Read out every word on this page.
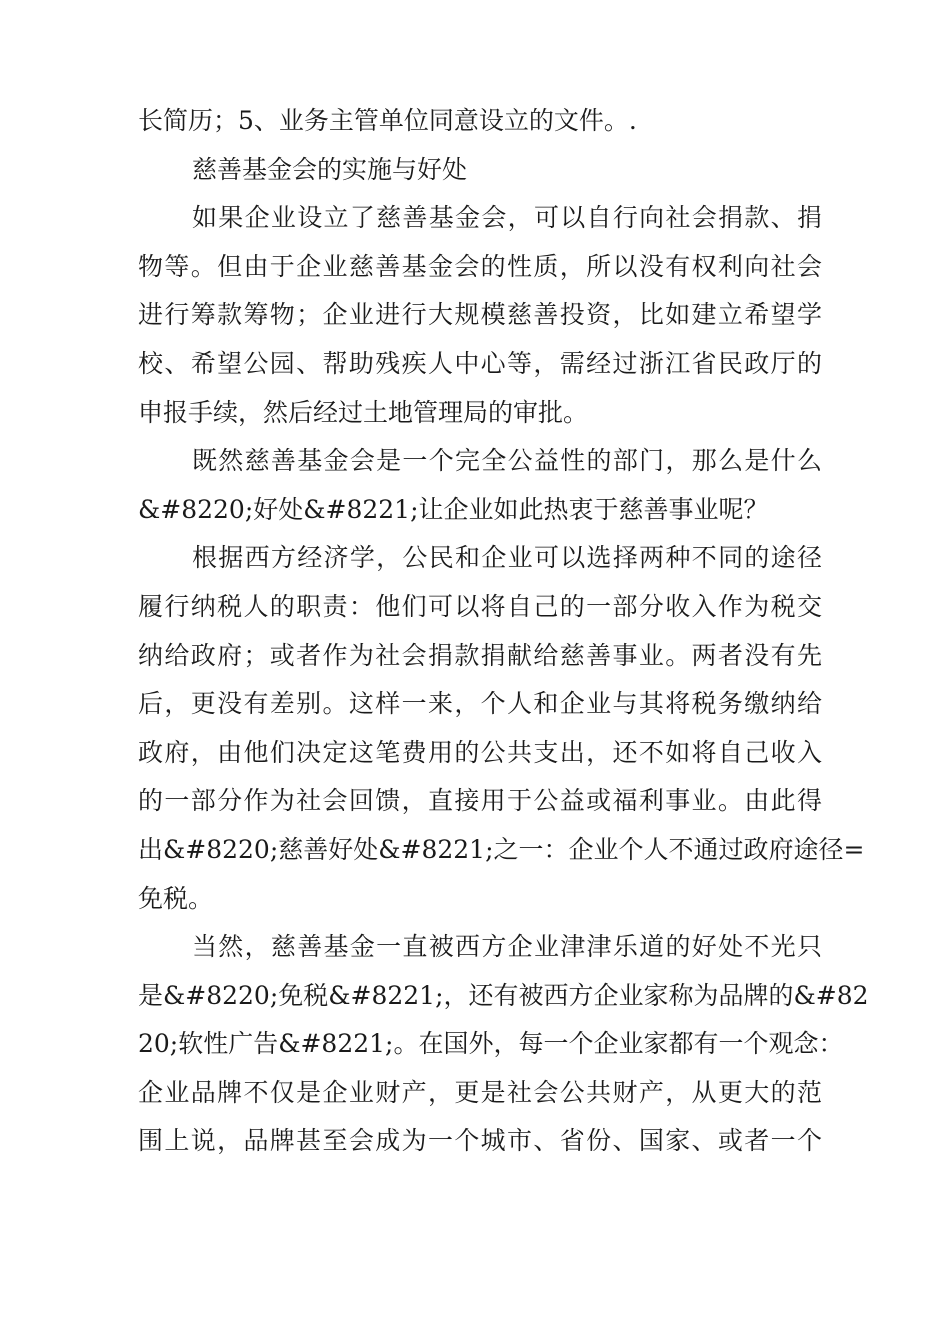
长简历；5、业务主管单位同意设立的文件。.
慈善基金会的实施与好处
如果企业设立了慈善基金会，可以自行向社会捐款、捐
物等。但由于企业慈善基金会的性质，所以没有权利向社会
进行筹款筹物；企业进行大规模慈善投资，比如建立希望学
校、希望公园、帮助残疾人中心等，需经过浙江省民政厅的
申报手续，然后经过土地管理局的审批。
既然慈善基金会是一个完全公益性的部门，那么是什么
&#8220;好处&#8221;让企业如此热衷于慈善事业呢？
根据西方经济学，公民和企业可以选择两种不同的途径
履行纳税人的职责：他们可以将自己的一部分收入作为税交
纳给政府；或者作为社会捐款捐献给慈善事业。两者没有先
后，更没有差别。这样一来，个人和企业与其将税务缴纳给
政府，由他们决定这笔费用的公共支出，还不如将自己收入
的一部分作为社会回馈，直接用于公益或福利事业。由此得
出&#8220;慈善好处&#8221;之一：企业个人不通过政府途径=
免税。
当然，慈善基金一直被西方企业津津乐道的好处不光只
是&#8220;免税&#8221;，还有被西方企业家称为品牌的&#82
20;软性广告&#8221;。在国外，每一个企业家都有一个观念：
企业品牌不仅是企业财产，更是社会公共财产，从更大的范
围上说，品牌甚至会成为一个城市、省份、国家、或者一个
